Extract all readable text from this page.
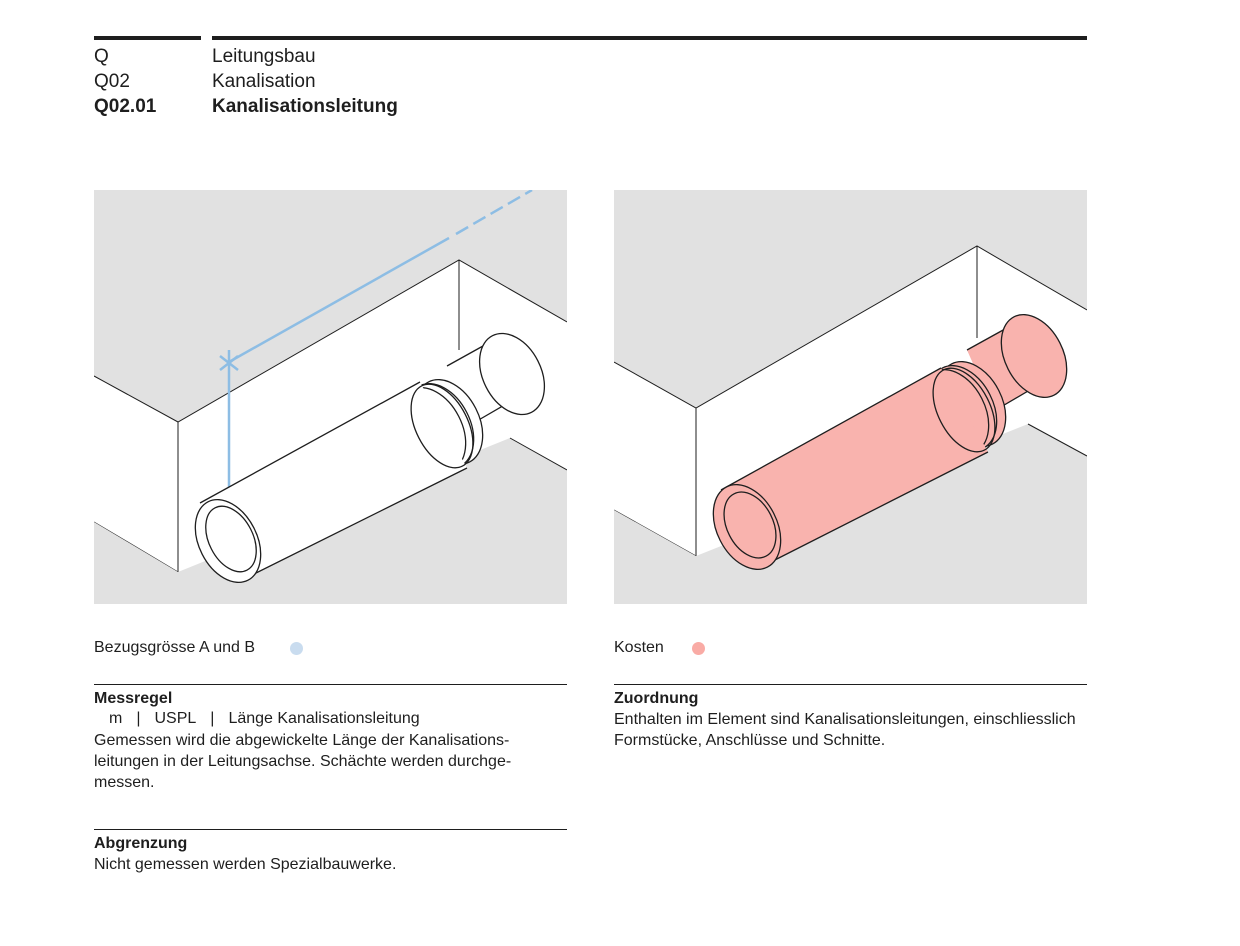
Q	Leitungsbau
Q02	Kanalisation
Q02.01	Kanalisationsleitung
Bezugsgrösse A und B	Kosten
Messregel
m | USPL | Länge Kanalisationsleitung
Gemessen wird die abgewickelte Länge der Kanalisations-leitungen in der Leitungsachse. Schächte werden durchge-messen.
Abgrenzung
Nicht gemessen werden Spezialbauwerke.
Zuordnung
Enthalten im Element sind Kanalisationsleitungen, einschliesslich Formstücke, Anschlüsse und Schnitte.
